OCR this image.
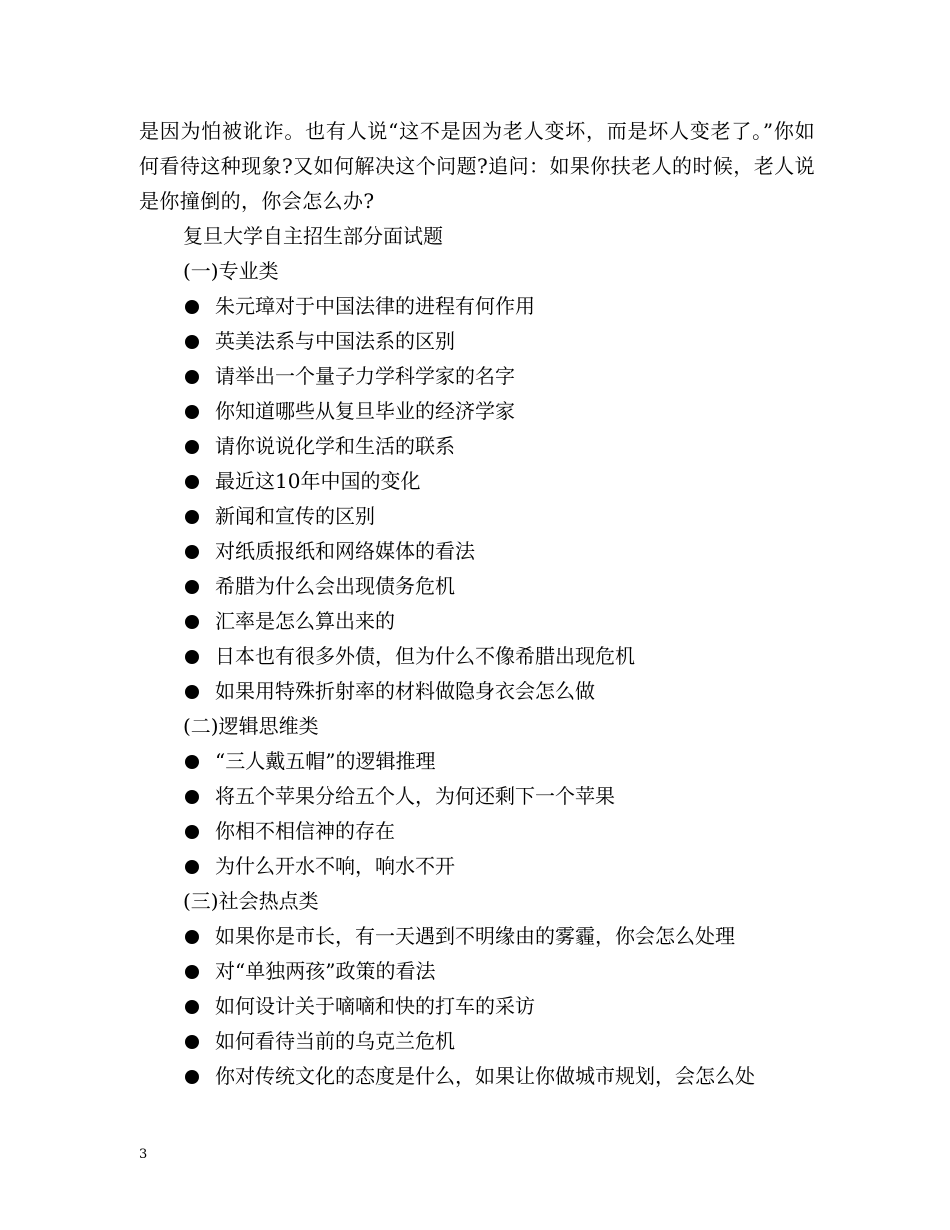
是因为怕被讹诈。也有人说“这不是因为老人变坏，而是坏人变老了。”你如何看待这种现象?又如何解决这个问题?追问：如果你扶老人的时候，老人说是你撞倒的，你会怎么办?

复旦大学自主招生部分面试题
(一)专业类
朱元璋对于中国法律的进程有何作用
英美法系与中国法系的区别
请举出一个量子力学科学家的名字
你知道哪些从复旦毕业的经济学家
请你说说化学和生活的联系
最近这10年中国的变化
新闻和宣传的区别
对纸质报纸和网络媒体的看法
希腊为什么会出现债务危机
汇率是怎么算出来的
日本也有很多外债，但为什么不像希腊出现危机
如果用特殊折射率的材料做隐身衣会怎么做
(二)逻辑思维类
“三人戴五帽”的逻辑推理
将五个苹果分给五个人，为何还剩下一个苹果
你相不相信神的存在
为什么开水不响，响水不开
(三)社会热点类
如果你是市长，有一天遇到不明缘由的雾霾，你会怎么处理
对“单独两孩”政策的看法
如何设计关于嘀嘀和快的打车的采访
如何看待当前的乌克兰危机
你对传统文化的态度是什么，如果让你做城市规划，会怎么处
3
